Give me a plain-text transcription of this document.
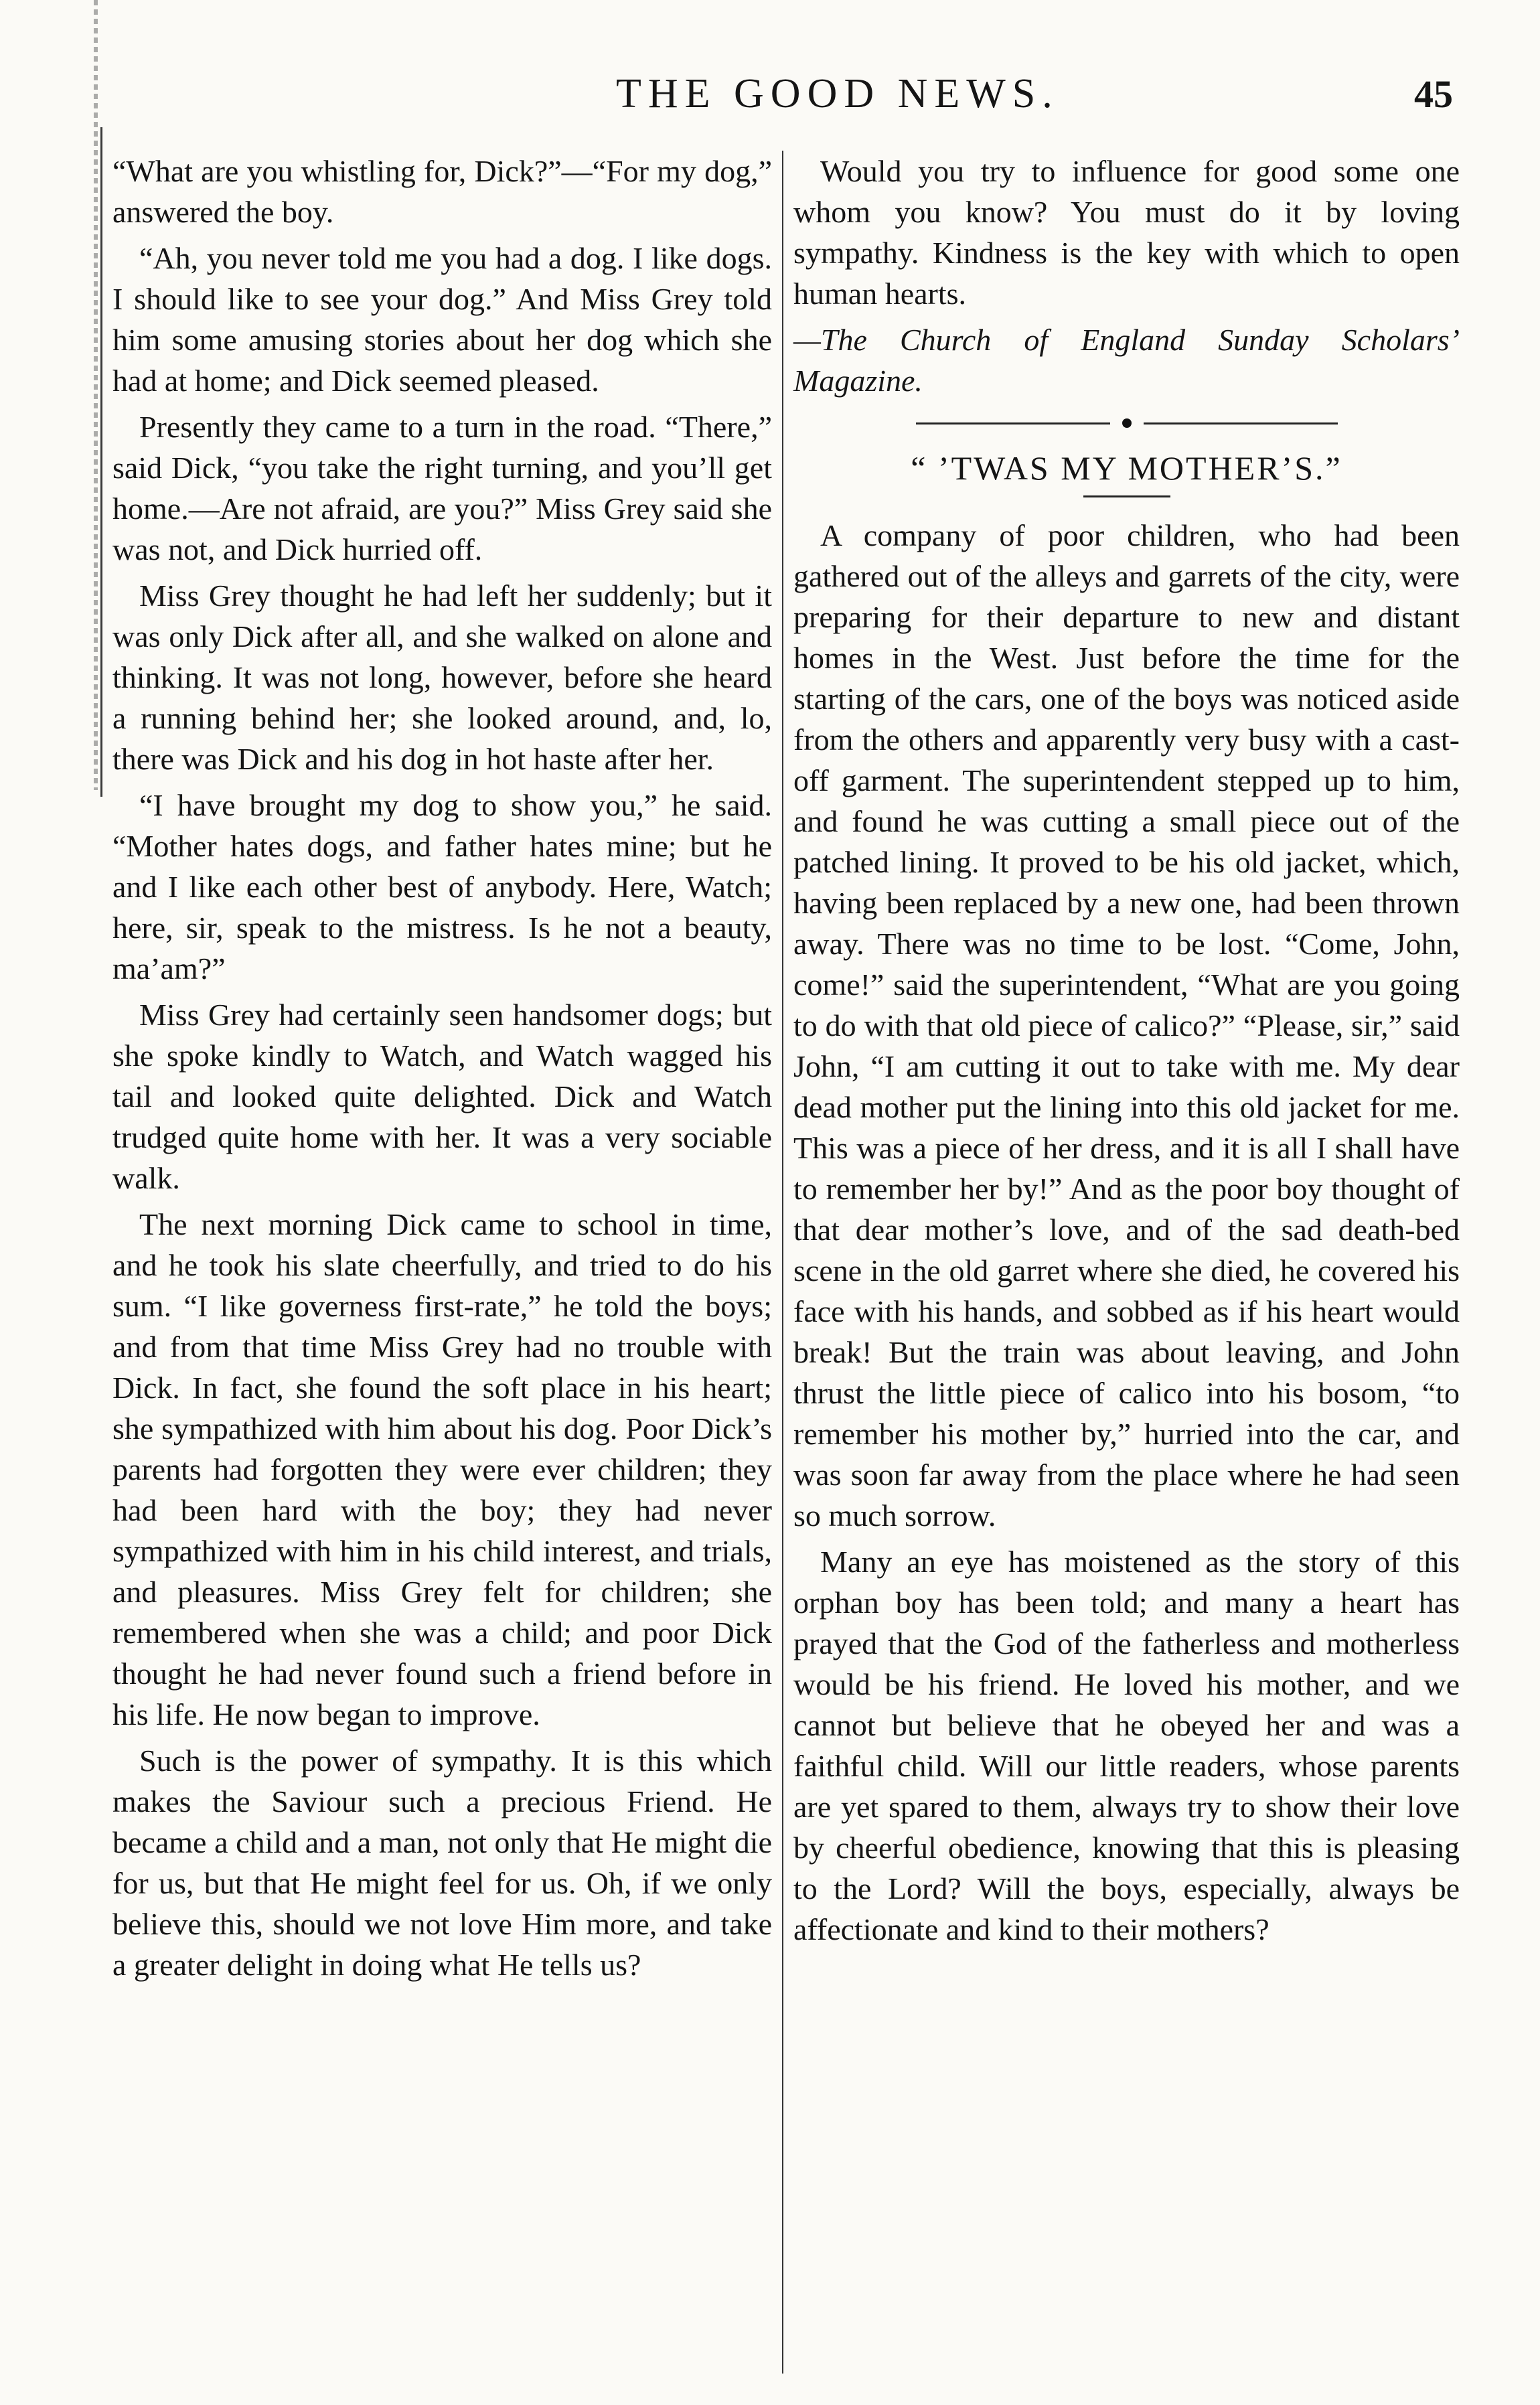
THE GOOD NEWS.	45

“What are you whistling for, Dick?”—“For my dog,” answered the boy.

“Ah, you never told me you had a dog. I like dogs. I should like to see your dog.” And Miss Grey told him some amusing stories about her dog which she had at home; and Dick seemed pleased.

Presently they came to a turn in the road. “There,” said Dick, “you take the right turning, and you’ll get home.—Are not afraid, are you?” Miss Grey said she was not, and Dick hurried off.

Miss Grey thought he had left her suddenly; but it was only Dick after all, and she walked on alone and thinking. It was not long, however, before she heard a running behind her; she looked around, and, lo, there was Dick and his dog in hot haste after her.

“I have brought my dog to show you,” he said. “Mother hates dogs, and father hates mine; but he and I like each other best of anybody. Here, Watch; here, sir, speak to the mistress. Is he not a beauty, ma’am?”

Miss Grey had certainly seen handsomer dogs; but she spoke kindly to Watch, and Watch wagged his tail and looked quite delighted. Dick and Watch trudged quite home with her. It was a very sociable walk.

The next morning Dick came to school in time, and he took his slate cheerfully, and tried to do his sum. “I like governess first-rate,” he told the boys; and from that time Miss Grey had no trouble with Dick. In fact, she found the soft place in his heart; she sympathized with him about his dog. Poor Dick’s parents had forgotten they were ever children; they had been hard with the boy; they had never sympathized with him in his child interest, and trials, and pleasures. Miss Grey felt for children; she remembered when she was a child; and poor Dick thought he had never found such a friend before in his life. He now began to improve.

Such is the power of sympathy. It is this which makes the Saviour such a precious Friend. He became a child and a man, not only that He might die for us, but that He might feel for us. Oh, if we only believe this, should we not love Him more, and take a greater delight in doing what He tells us?

Would you try to influence for good some one whom you know? You must do it by loving sympathy. Kindness is the key with which to open human hearts.

—The Church of England Sunday Scholars’ Magazine.

“ ’TWAS MY MOTHER’S.”

A company of poor children, who had been gathered out of the alleys and garrets of the city, were preparing for their departure to new and distant homes in the West. Just before the time for the starting of the cars, one of the boys was noticed aside from the others and apparently very busy with a cast-off garment. The superintendent stepped up to him, and found he was cutting a small piece out of the patched lining. It proved to be his old jacket, which, having been replaced by a new one, had been thrown away. There was no time to be lost. “Come, John, come!” said the superintendent, “What are you going to do with that old piece of calico?” “Please, sir,” said John, “I am cutting it out to take with me. My dear dead mother put the lining into this old jacket for me. This was a piece of her dress, and it is all I shall have to remember her by!” And as the poor boy thought of that dear mother’s love, and of the sad death-bed scene in the old garret where she died, he covered his face with his hands, and sobbed as if his heart would break! But the train was about leaving, and John thrust the little piece of calico into his bosom, “to remember his mother by,” hurried into the car, and was soon far away from the place where he had seen so much sorrow.

Many an eye has moistened as the story of this orphan boy has been told; and many a heart has prayed that the God of the fatherless and motherless would be his friend. He loved his mother, and we cannot but believe that he obeyed her and was a faithful child. Will our little readers, whose parents are yet spared to them, always try to show their love by cheerful obedience, knowing that this is pleasing to the Lord? Will the boys, especially, always be affectionate and kind to their mothers?
